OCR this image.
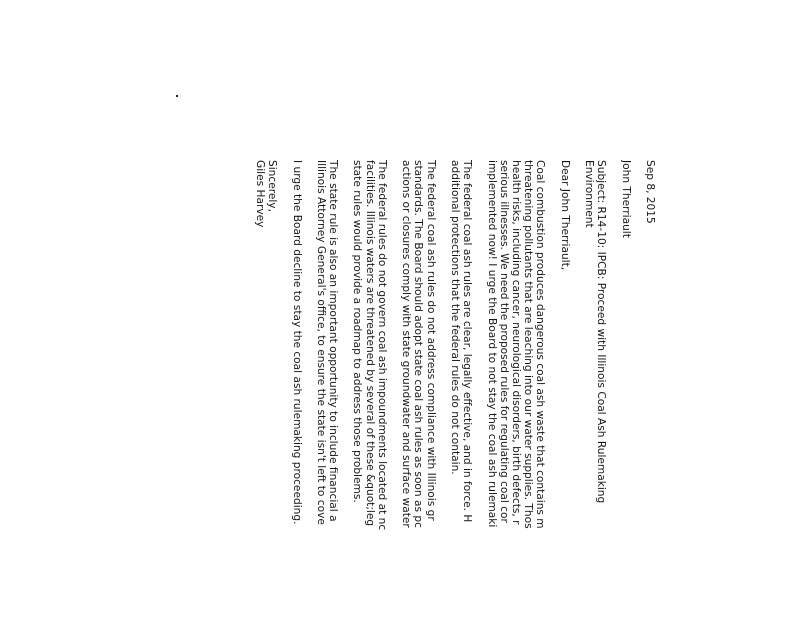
Sep 8, 2015
John Therriault
Subject: R14-10: IPCB: Proceed with Illinois Coal Ash Rulemaking
Environment
Dear John Therriault,
Coal combustion produces dangerous coal ash waste that contains m
threatening pollutants that are leaching into our water supplies. Thos
health risks, including cancer, neurological disorders, birth defects, r
serious illnesses. We need the proposed rules for regulating coal cor
implemented now! I urge the Board to not stay the coal ash rulemaki
The federal coal ash rules are clear, legally effective, and in force. H
additional protections that the federal rules do not contain.
The federal coal ash rules do not address compliance with Illinois gr
standards. The Board should adopt state coal ash rules as soon as pc
actions or closures comply with state groundwater and surface water
The federal rules do not govern coal ash impoundments located at nc
facilities. Illinois waters are threatened by several of these &quot;leg
state rules would provide a roadmap to address those problems.
The state rule is also an important opportunity to include financial a
Illinois Attorney General's office, to ensure the state isn't left to cove
I urge the Board decline to stay the coal ash rulemaking proceeding.
Sincerely,
Giles Harvey
